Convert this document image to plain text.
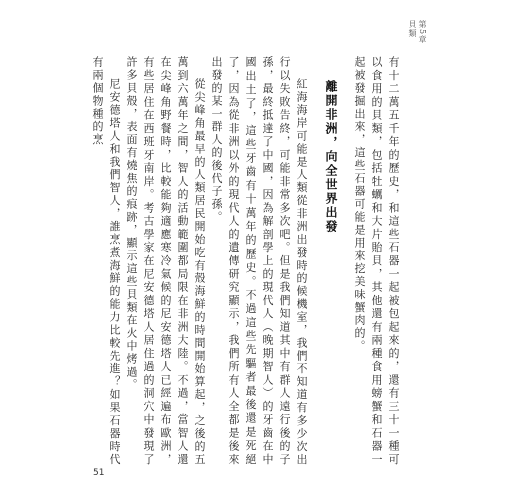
第5章
貝類

有十二萬五千年的歷史，和這些石器一起被包起來的，還有三十一種可以食用的貝類，包括牡蠣和大片貽貝，其他還有兩種食用螃蟹和石器一起被發掘出來，這些石器可能是用來挖美味蟹肉的。

離開非洲，向全世界出發

紅海海岸可能是人類從非洲出發時的候機室，我們不知道有多少次出行以失敗告終，可能非常多次吧。但是我們知道其中有群人遠行後的子孫，最終抵達了中國，因為解剖學上的現代人（晚期智人）的牙齒在中國出土了，這些牙齒有十萬年的歷史。不過這些先驅者最後還是死絕了，因為從非洲以外的現代人的遺傳研究顯示，我們所有人全都是後來出發的某一群人的後代子孫。

從尖峰角最早的人類居民開始吃有殼海鮮的時間開始算起，之後的五萬到六萬年之間，智人的活動範圍都局限在非洲大陸。不過，當智人還在尖峰角野餐時，比較能夠適應寒冷氣候的尼安德塔人已經遍布歐洲，有些居住在西班牙南岸。考古學家在尼安德塔人居住過的洞穴中發現了許多貝殼，表面有燒焦的痕跡，顯示這些貝類在火中烤過。

尼安德塔人和我們智人，誰烹煮海鮮的能力比較先進？如果石器時代有兩個物種的烹

51
